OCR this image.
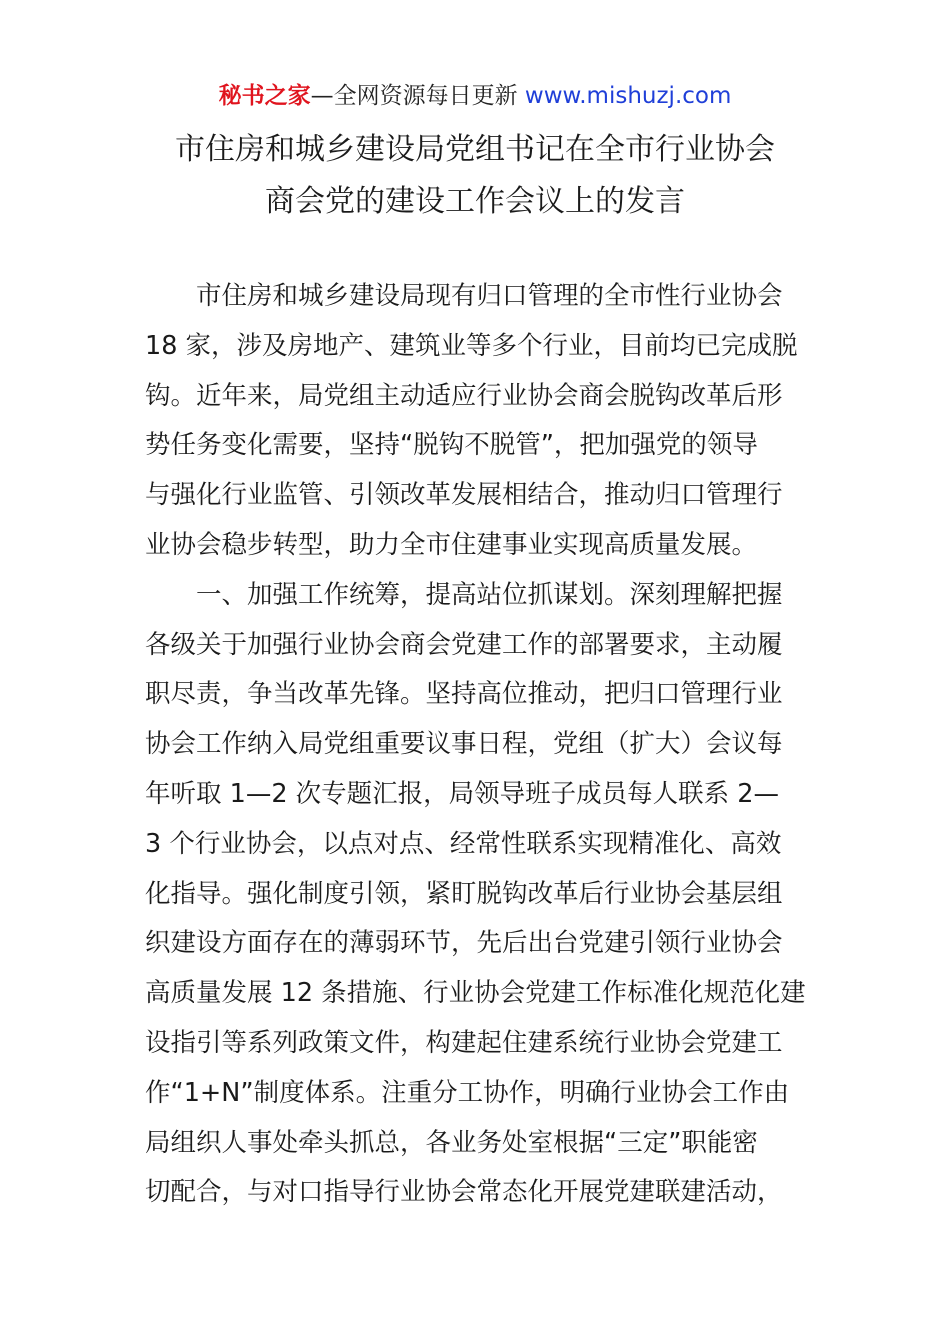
秘书之家—全网资源每日更新 www.mishuzj.com
市住房和城乡建设局党组书记在全市行业协会
商会党的建设工作会议上的发言
市住房和城乡建设局现有归口管理的全市性行业协会
18 家，涉及房地产、建筑业等多个行业，目前均已完成脱
钩。近年来，局党组主动适应行业协会商会脱钩改革后形
势任务变化需要，坚持“脱钩不脱管”，把加强党的领导
与强化行业监管、引领改革发展相结合，推动归口管理行
业协会稳步转型，助力全市住建事业实现高质量发展。
一、加强工作统筹，提高站位抓谋划。深刻理解把握
各级关于加强行业协会商会党建工作的部署要求，主动履
职尽责，争当改革先锋。坚持高位推动，把归口管理行业
协会工作纳入局党组重要议事日程，党组（扩大）会议每
年听取 1—2 次专题汇报，局领导班子成员每人联系 2—
3 个行业协会，以点对点、经常性联系实现精准化、高效
化指导。强化制度引领，紧盯脱钩改革后行业协会基层组
织建设方面存在的薄弱环节，先后出台党建引领行业协会
高质量发展 12 条措施、行业协会党建工作标准化规范化建
设指引等系列政策文件，构建起住建系统行业协会党建工
作“1+N”制度体系。注重分工协作，明确行业协会工作由
局组织人事处牵头抓总，各业务处室根据“三定”职能密
切配合，与对口指导行业协会常态化开展党建联建活动，
